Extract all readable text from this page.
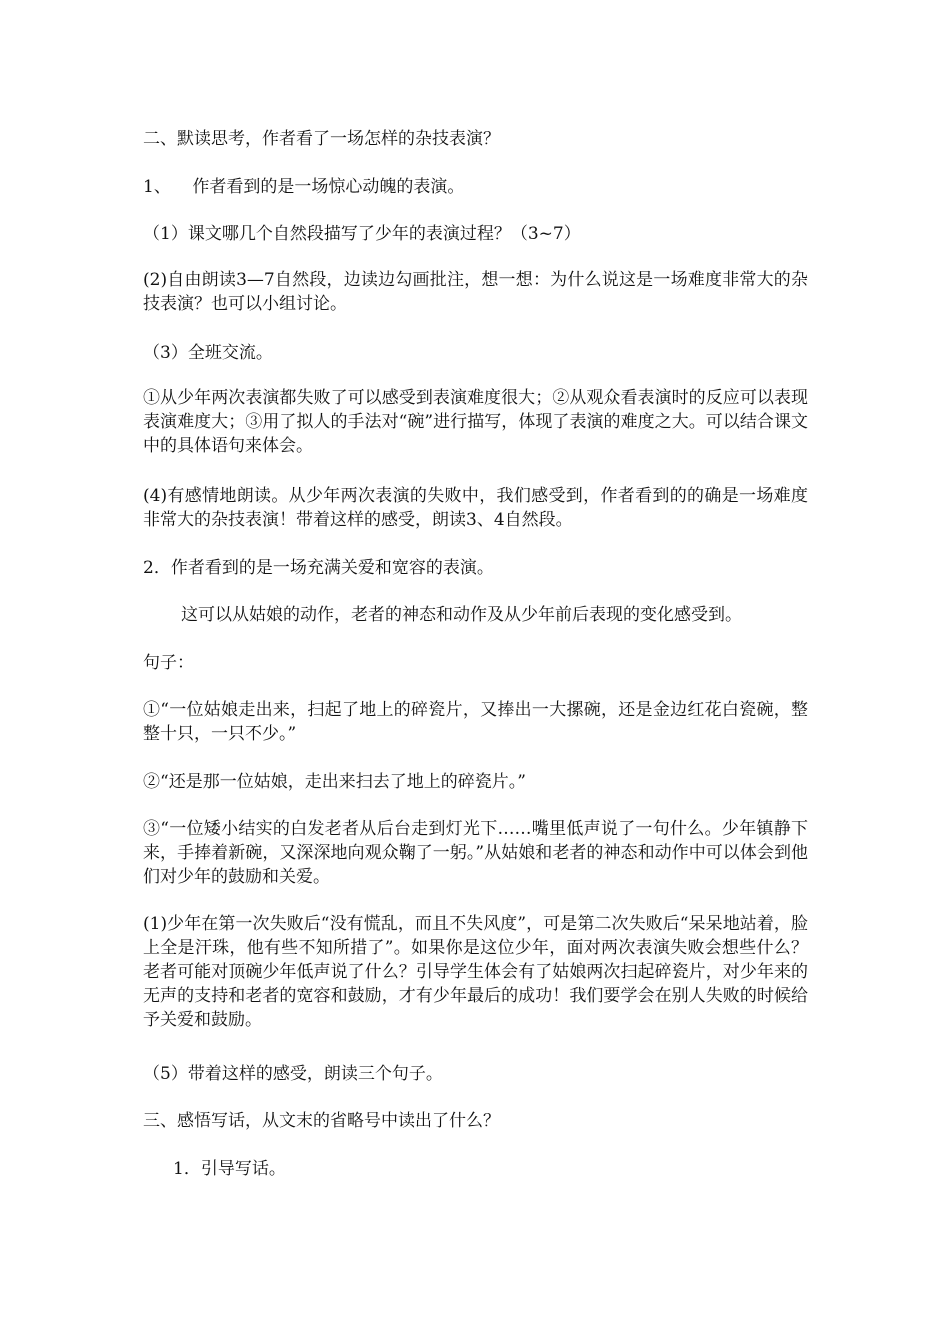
二、默读思考，作者看了一场怎样的杂技表演？

1、    作者看到的是一场惊心动魄的表演。

（1）课文哪几个自然段描写了少年的表演过程？（3~7）

(2)自由朗读3—7自然段，边读边勾画批注，想一想：为什么说这是一场难度非常大的杂技表演？也可以小组讨论。

（3）全班交流。

①从少年两次表演都失败了可以感受到表演难度很大；②从观众看表演时的反应可以表现表演难度大；③用了拟人的手法对“碗”进行描写，体现了表演的难度之大。可以结合课文中的具体语句来体会。

(4)有感情地朗读。从少年两次表演的失败中，我们感受到，作者看到的的确是一场难度非常大的杂技表演！带着这样的感受，朗读3、4自然段。

2．作者看到的是一场充满关爱和宽容的表演。

这可以从姑娘的动作，老者的神态和动作及从少年前后表现的变化感受到。

句子：

①“一位姑娘走出来，扫起了地上的碎瓷片，又捧出一大摞碗，还是金边红花白瓷碗，整整十只，一只不少。”

②“还是那一位姑娘，走出来扫去了地上的碎瓷片。”

③“一位矮小结实的白发老者从后台走到灯光下……嘴里低声说了一句什么。少年镇静下来，手捧着新碗，又深深地向观众鞠了一躬。”从姑娘和老者的神态和动作中可以体会到他们对少年的鼓励和关爱。

(1)少年在第一次失败后“没有慌乱，而且不失风度”，可是第二次失败后“呆呆地站着，脸上全是汗珠，他有些不知所措了”。如果你是这位少年，面对两次表演失败会想些什么？老者可能对顶碗少年低声说了什么？引导学生体会有了姑娘两次扫起碎瓷片，对少年来的无声的支持和老者的宽容和鼓励，才有少年最后的成功！我们要学会在别人失败的时候给予关爱和鼓励。

（5）带着这样的感受，朗读三个句子。

三、感悟写话，从文末的省略号中读出了什么？

1．引导写话。
